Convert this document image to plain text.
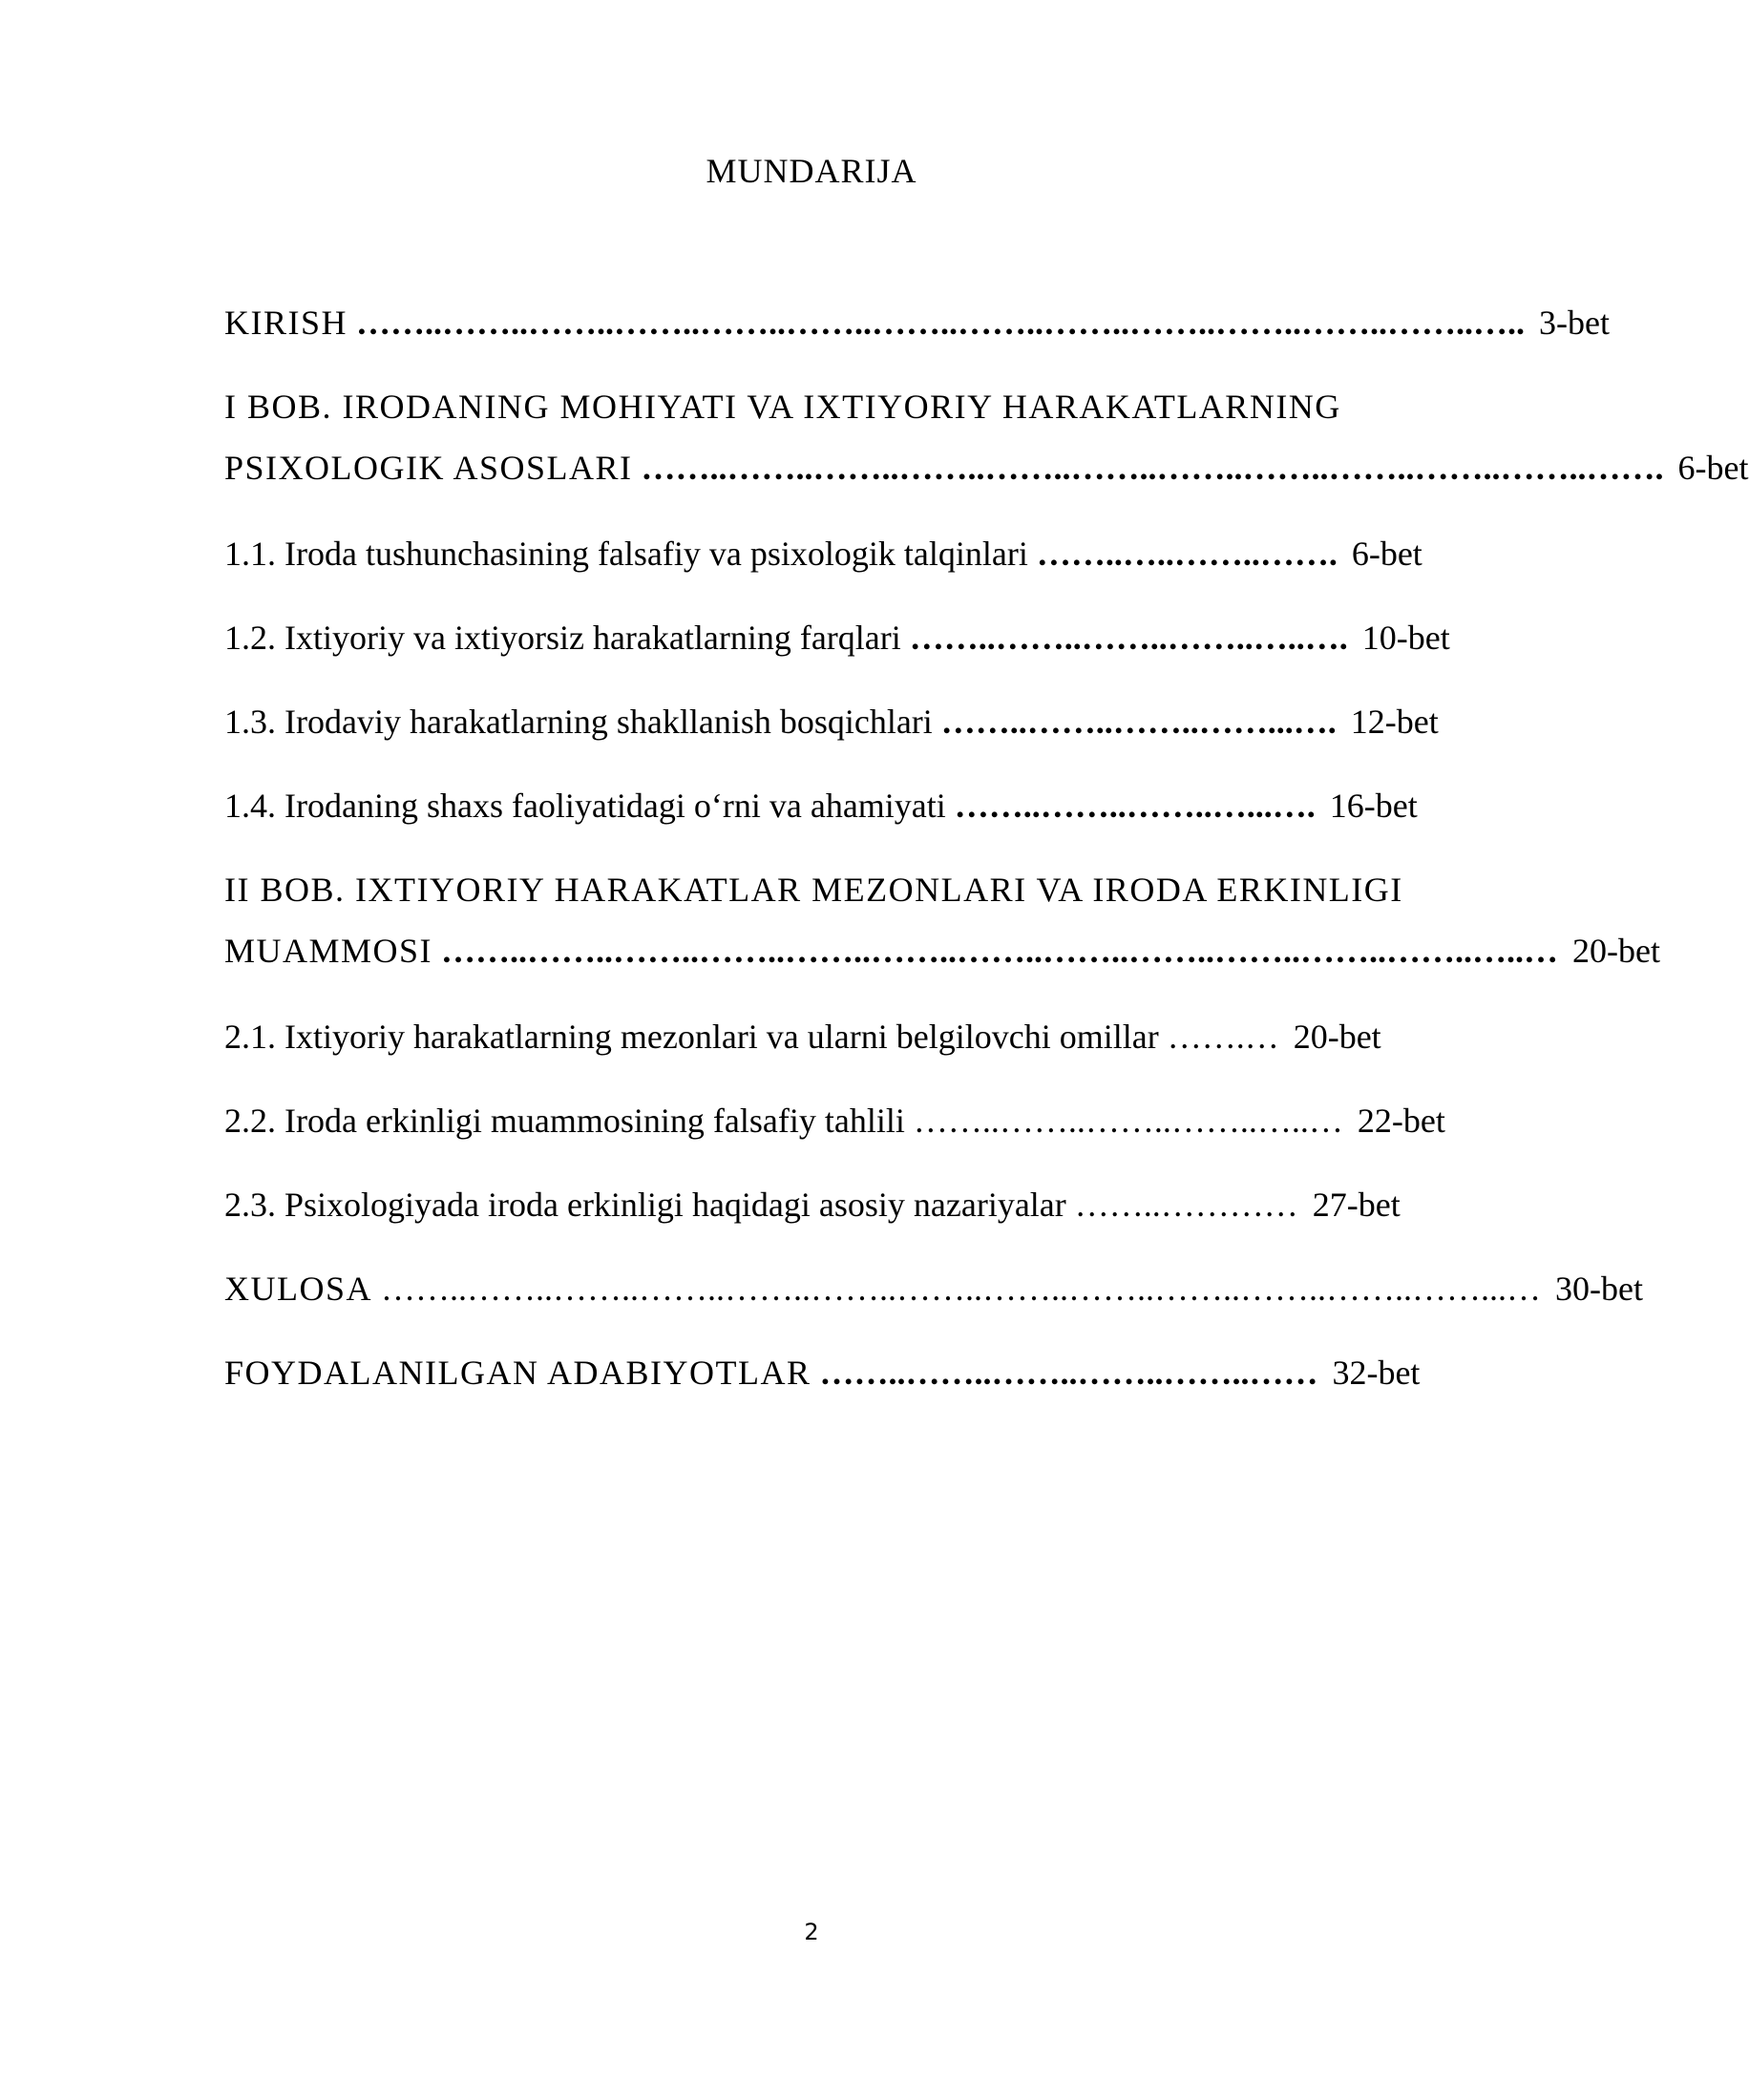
MUNDARIJA
KIRISH ……..……..……..……..……..……..……..……..……..……..……..……..……..….. 3-bet
I BOB. IRODANING MOHIYATI VA IXTIYORIY HARAKATLARNING
PSIXOLOGIK ASOSLARI ……..……..……..……..……..……..……..……..……..……..……..……. 6-bet
1.1. Iroda tushunchasining falsafiy va psixologik talqinlari ……..…..……..……. 6-bet
1.2. Ixtiyoriy va ixtiyorsiz harakatlarning farqlari ……..……..……..……..…..…. 10-bet
1.3. Irodaviy harakatlarning shakllanish bosqichlari ……..……..……..……...…. 12-bet
1.4. Irodaning shaxs faoliyatidagi o‘rni va ahamiyati ……..……..……..…...…. 16-bet
II BOB. IXTIYORIY HARAKATLAR MEZONLARI VA IRODA ERKINLIGI
MUAMMOSI ……..……..……..……..……..……..……..……..……..……..……..……..…..… 20-bet
2.1. Ixtiyoriy harakatlarning mezonlari va ularni belgilovchi omillar …….… 20-bet
2.2. Iroda erkinligi muammosining falsafiy tahlili ……..……..……..……..…..… 22-bet
2.3. Psixologiyada iroda erkinligi haqidagi asosiy nazariyalar ……..………… 27-bet
XULOSA ……..……..……..……..……..……..……..……..……..……..……..……..……...… 30-bet
FOYDALANILGAN ADABIYOTLAR ……..……..……..……..……..…… 32-bet
2
